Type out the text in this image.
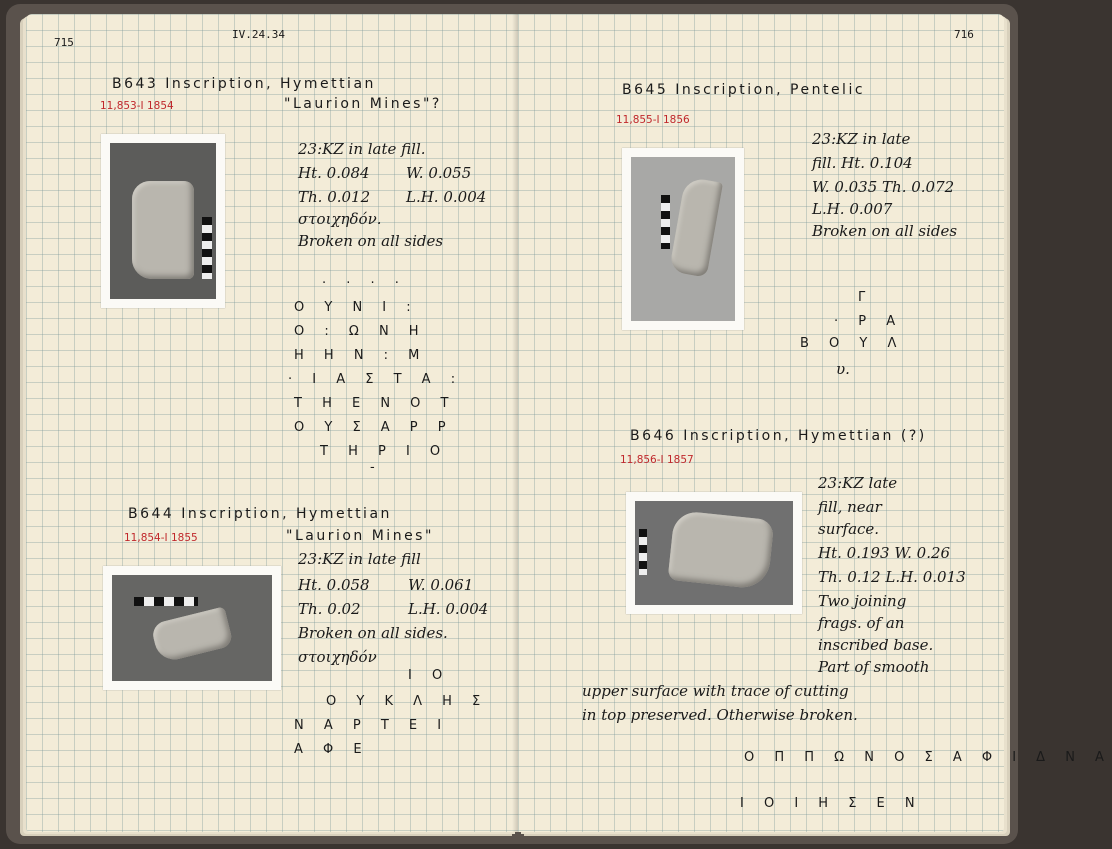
715
IV.24.34
B643 Inscription, Hymettian
11,853-I 1854	"Laurion Mines"?
23:KZ in late fill.
Ht. 0.084 W. 0.055
Th. 0.012 L.H. 0.004
στοιχηδόν.
Broken on all sides
· · · ·
Ο Υ Ν Ι :
Ο : Ω Ν Η
Η Η Ν : Μ
· Ι Α Σ Τ Α :
Τ Η Ε Ν Ο Τ
Ο Υ Σ Α Ρ Ρ
Τ Η Ρ Ι Ο
-
B644 Inscription, Hymettian
11,854-I 1855	"Laurion Mines"
23:KZ in late fill
Ht. 0.058	W. 0.061
Th. 0.02	L.H. 0.004
Broken on all sides.
στοιχηδόν
Ι Ο
Ο Υ Κ Λ Η Σ
Ν Α Ρ Τ Ε Ι
Α Φ Ε
716
B645 Inscription, Pentelic
11,855-I 1856
23:KZ in late
fill. Ht. 0.104
W. 0.035 Th. 0.072
L.H. 0.007
Broken on all sides
Γ
· Ρ Α
Β Ο Υ Λ
υ.
B646 Inscription, Hymettian (?)
11,856-I 1857
23:KZ late
fill, near
surface.
Ht. 0.193 W. 0.26
Th. 0.12 L.H. 0.013
Two joining
frags. of an
inscribed base.
Part of smooth
upper surface with trace of cutting
in top preserved. Otherwise broken.
Ο Π Π Ω Ν Ο Σ Α Φ Ι Δ Ν Α
Ι Ο Ι Η Σ Ε Ν
